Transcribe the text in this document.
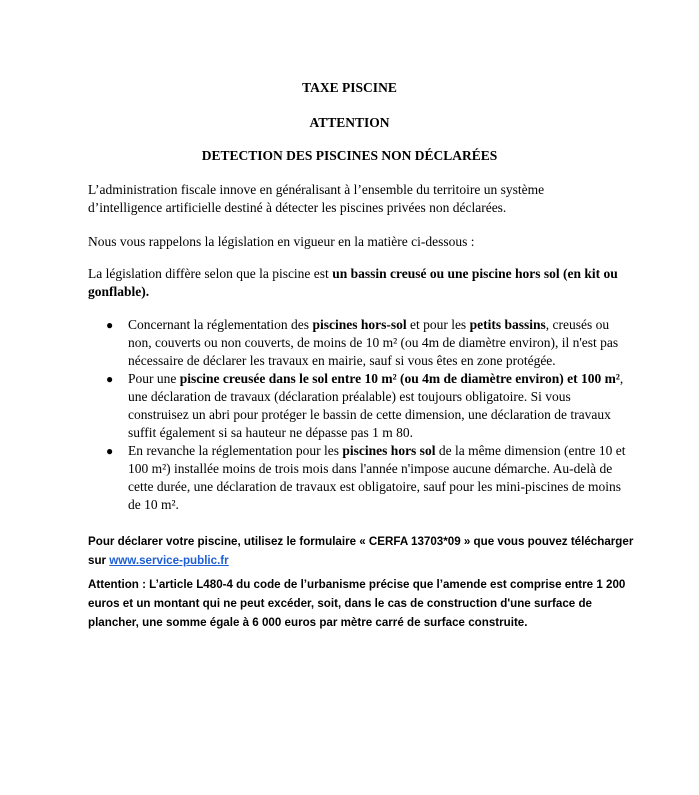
TAXE PISCINE
ATTENTION
DETECTION DES PISCINES NON DÉCLARÉES
L’administration fiscale innove en généralisant à l’ensemble du territoire un système
d’intelligence artificielle destiné à détecter les piscines privées non déclarées.
Nous vous rappelons la législation en vigueur en la matière ci-dessous :
La législation diffère selon que la piscine est un bassin creusé ou une piscine hors sol (en kit ou gonflable).
● Concernant la réglementation des piscines hors-sol et pour les petits bassins, creusés ou non, couverts ou non couverts, de moins de 10 m² (ou 4m de diamètre environ), il n'est pas nécessaire de déclarer les travaux en mairie, sauf si vous êtes en zone protégée.
● Pour une piscine creusée dans le sol entre 10 m² (ou 4m de diamètre environ) et 100 m², une déclaration de travaux (déclaration préalable) est toujours obligatoire. Si vous construisez un abri pour protéger le bassin de cette dimension, une déclaration de travaux suffit également si sa hauteur ne dépasse pas 1 m 80.
● En revanche la réglementation pour les piscines hors sol de la même dimension (entre 10 et 100 m²) installée moins de trois mois dans l'année n'impose aucune démarche. Au-delà de cette durée, une déclaration de travaux est obligatoire, sauf pour les mini-piscines de moins de 10 m².
Pour déclarer votre piscine, utilisez le formulaire « CERFA 13703*09 » que vous pouvez télécharger sur www.service-public.fr
Attention : L’article L480-4 du code de l’urbanisme précise que l’amende est comprise entre 1 200
euros et un montant qui ne peut excéder, soit, dans le cas de construction d'une surface de
plancher, une somme égale à 6 000 euros par mètre carré de surface construite.
